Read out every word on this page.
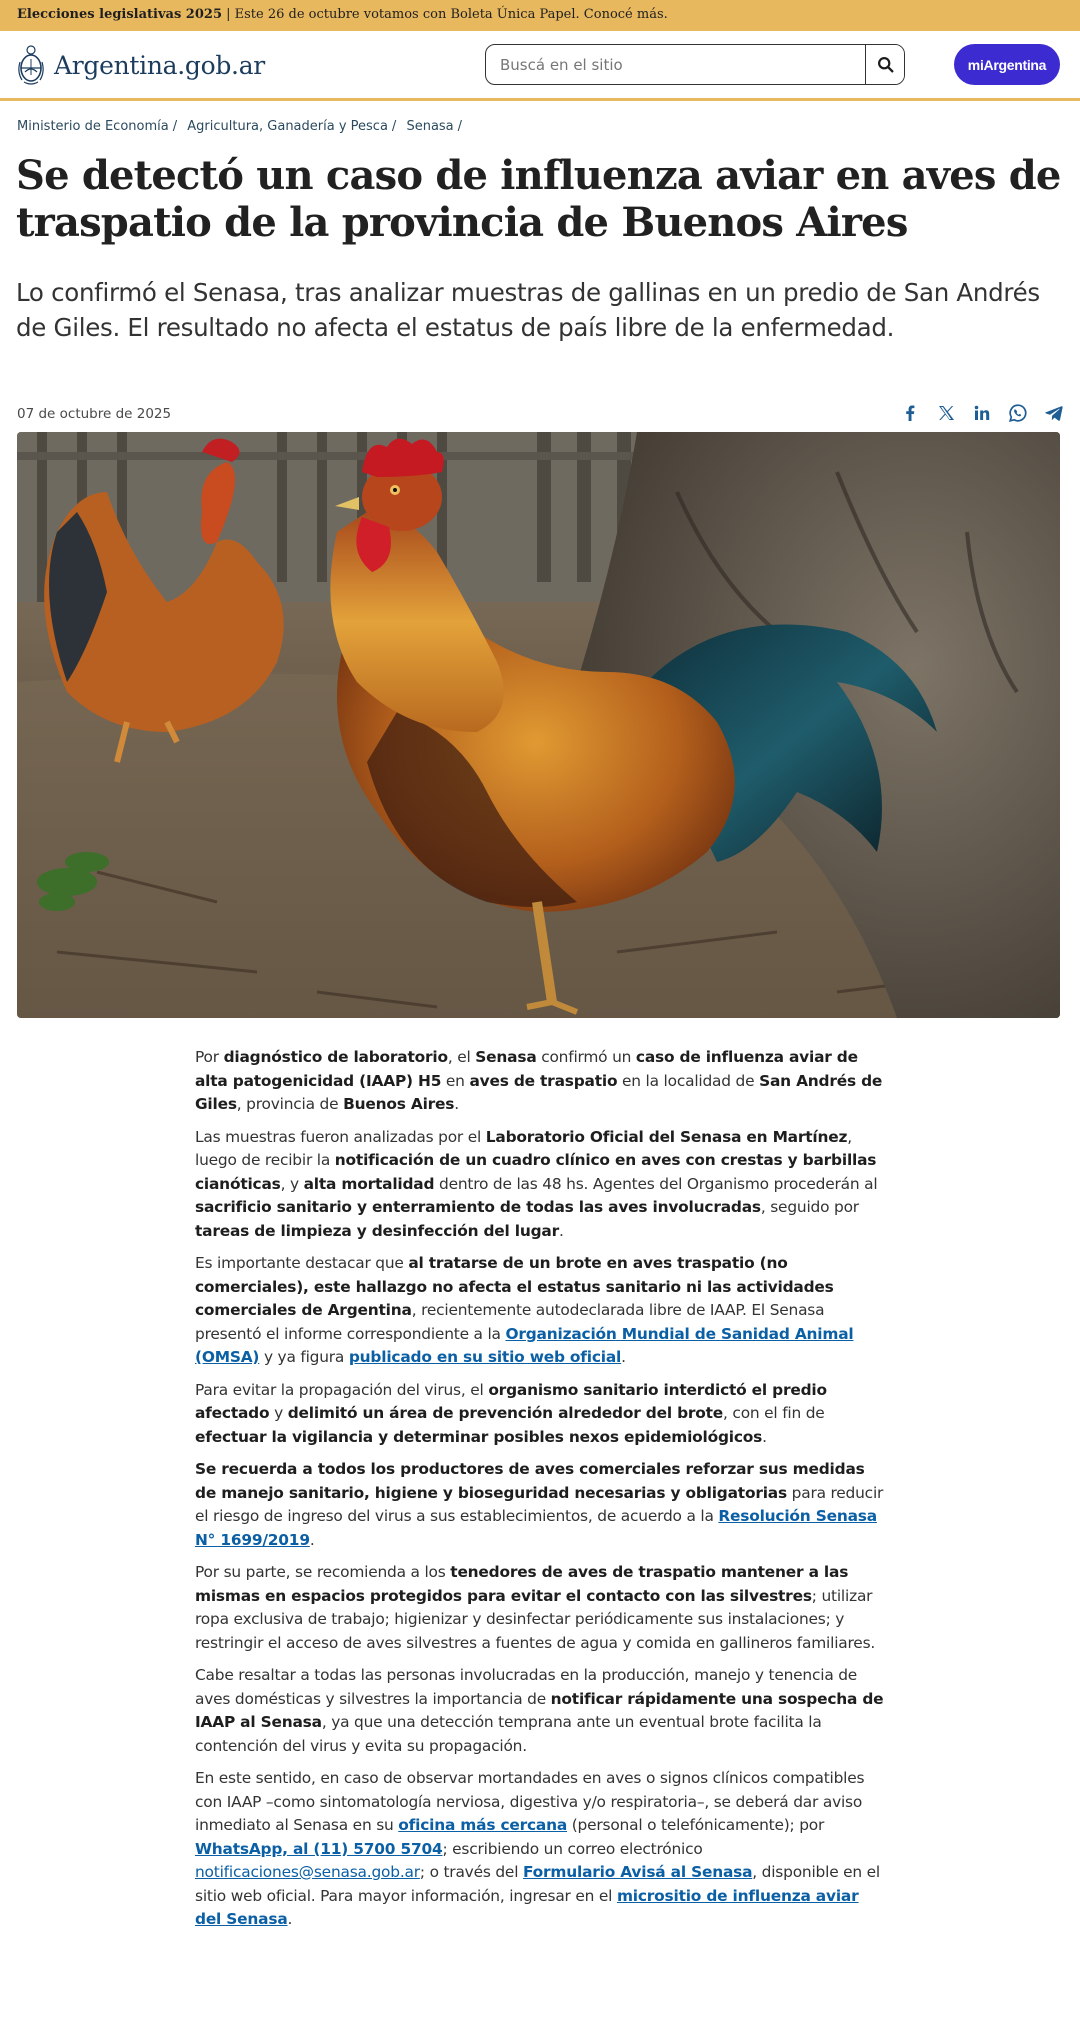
Elecciones legislativas 2025 | Este 26 de octubre votamos con Boleta Única Papel. Conocé más.
Argentina.gob.ar
Buscá en el sitio	miArgentina
Ministerio de Economía / Agricultura, Ganadería y Pesca / Senasa /
Se detectó un caso de influenza aviar en aves de traspatio de la provincia de Buenos Aires
Lo confirmó el Senasa, tras analizar muestras de gallinas en un predio de San Andrés de Giles. El resultado no afecta el estatus de país libre de la enfermedad.
07 de octubre de 2025

Por diagnóstico de laboratorio, el Senasa confirmó un caso de influenza aviar de alta patogenicidad (IAAP) H5 en aves de traspatio en la localidad de San Andrés de Giles, provincia de Buenos Aires.

Las muestras fueron analizadas por el Laboratorio Oficial del Senasa en Martínez, luego de recibir la notificación de un cuadro clínico en aves con crestas y barbillas cianóticas, y alta mortalidad dentro de las 48 hs. Agentes del Organismo procederán al sacrificio sanitario y enterramiento de todas las aves involucradas, seguido por tareas de limpieza y desinfección del lugar.

Es importante destacar que al tratarse de un brote en aves traspatio (no comerciales), este hallazgo no afecta el estatus sanitario ni las actividades comerciales de Argentina, recientemente autodeclarada libre de IAAP. El Senasa presentó el informe correspondiente a la Organización Mundial de Sanidad Animal (OMSA) y ya figura publicado en su sitio web oficial.

Para evitar la propagación del virus, el organismo sanitario interdictó el predio afectado y delimitó un área de prevención alrededor del brote, con el fin de efectuar la vigilancia y determinar posibles nexos epidemiológicos.

Se recuerda a todos los productores de aves comerciales reforzar sus medidas de manejo sanitario, higiene y bioseguridad necesarias y obligatorias para reducir el riesgo de ingreso del virus a sus establecimientos, de acuerdo a la Resolución Senasa N° 1699/2019.

Por su parte, se recomienda a los tenedores de aves de traspatio mantener a las mismas en espacios protegidos para evitar el contacto con las silvestres; utilizar ropa exclusiva de trabajo; higienizar y desinfectar periódicamente sus instalaciones; y restringir el acceso de aves silvestres a fuentes de agua y comida en gallineros familiares.

Cabe resaltar a todas las personas involucradas en la producción, manejo y tenencia de aves domésticas y silvestres la importancia de notificar rápidamente una sospecha de IAAP al Senasa, ya que una detección temprana ante un eventual brote facilita la contención del virus y evita su propagación.

En este sentido, en caso de observar mortandades en aves o signos clínicos compatibles con IAAP –como sintomatología nerviosa, digestiva y/o respiratoria–, se deberá dar aviso inmediato al Senasa en su oficina más cercana (personal o telefónicamente); por WhatsApp, al (11) 5700 5704; escribiendo un correo electrónico notificaciones@senasa.gob.ar; o través del Formulario Avisá al Senasa, disponible en el sitio web oficial. Para mayor información, ingresar en el micrositio de influenza aviar del Senasa.
